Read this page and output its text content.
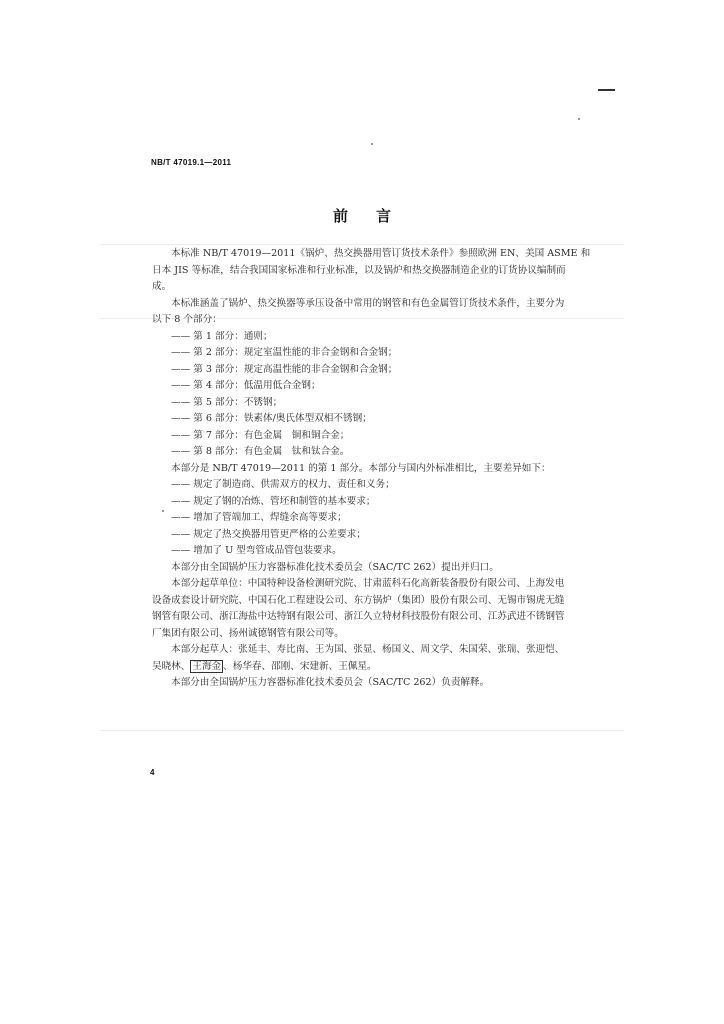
NB/T 47019.1—2011
前言

本标准 NB/T 47019—2011《锅炉、热交换器用管订货技术条件》参照欧洲 EN、美国 ASME 和

日本 JIS 等标准，结合我国国家标准和行业标准，以及锅炉和热交换器制造企业的订货协议编制而

成。

本标准涵盖了锅炉、热交换器等承压设备中常用的钢管和有色金属管订货技术条件，主要分为

以下 8 个部分：

—— 第 1 部分：通则；

—— 第 2 部分：规定室温性能的非合金钢和合金钢；

—— 第 3 部分：规定高温性能的非合金钢和合金钢；

—— 第 4 部分：低温用低合金钢；

—— 第 5 部分：不锈钢；

—— 第 6 部分：铁素体/奥氏体型双相不锈钢；

—— 第 7 部分：有色金属　铜和铜合金；

—— 第 8 部分：有色金属　钛和钛合金。

本部分是 NB/T 47019—2011 的第 1 部分。本部分与国内外标准相比，主要差异如下：

—— 规定了制造商、供需双方的权力、责任和义务；

—— 规定了钢的冶炼、管坯和制管的基本要求；

—— 增加了管端加工、焊缝余高等要求；

—— 规定了热交换器用管更严格的公差要求；

—— 增加了 U 型弯管成品管包装要求。

本部分由全国锅炉压力容器标准化技术委员会（SAC/TC 262）提出并归口。

本部分起草单位：中国特种设备检测研究院、甘肃蓝科石化高新装备股份有限公司、上海发电

设备成套设计研究院、中国石化工程建设公司、东方锅炉（集团）股份有限公司、无锡市锡虎无缝

钢管有限公司、浙江海盐中达特钢有限公司、浙江久立特材科技股份有限公司、江苏武进不锈钢管

厂集团有限公司、扬州诚德钢管有限公司等。

本部分起草人：张延丰、寿比南、王为国、张显、杨国义、周文学、朱国荣、张瑞、张迎恺、

吴晓林、 王海金 、杨华春、邵刚、宋建新、王佩星。

本部分由全国锅炉压力容器标准化技术委员会（SAC/TC 262）负责解释。

4
